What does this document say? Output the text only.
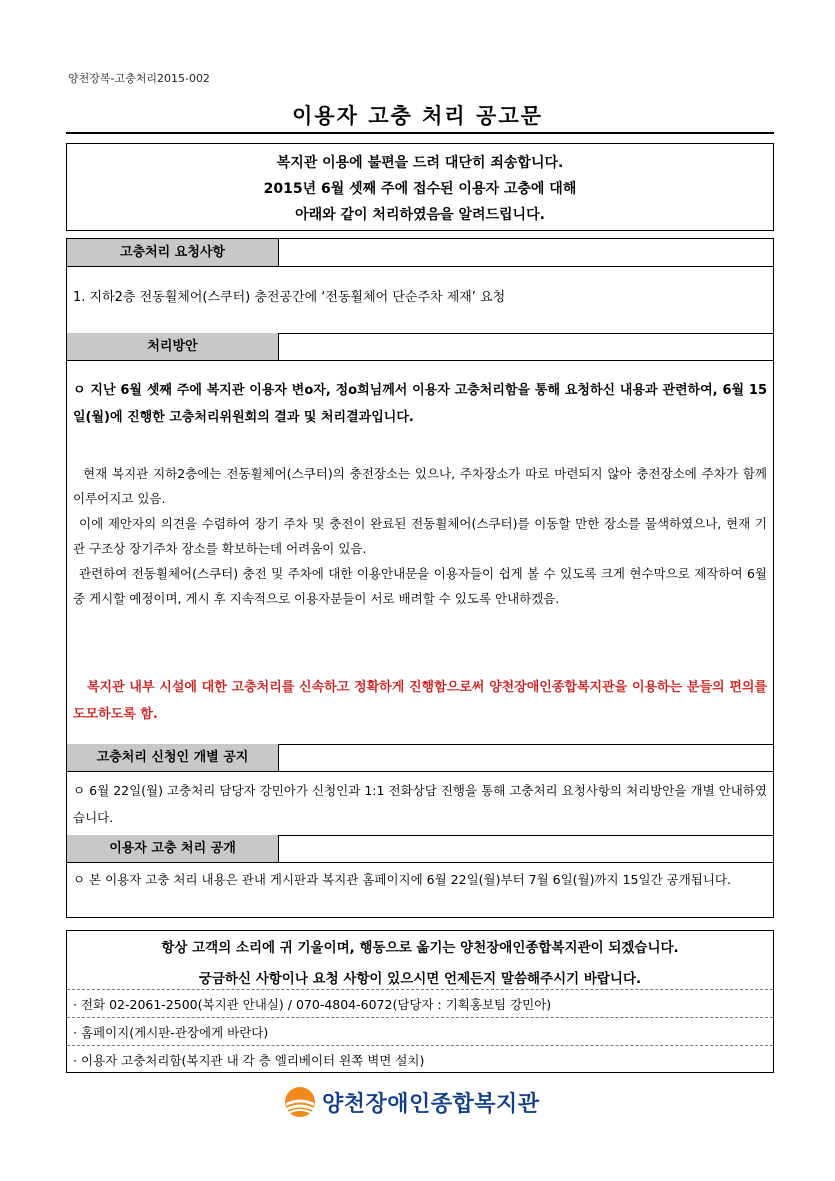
양천장복-고충처리2015-002
이용자 고충 처리 공고문
복지관 이용에 불편을 드려 대단히 죄송합니다.
2015년 6월 셋째 주에 접수된 이용자 고충에 대해
아래와 같이 처리하였음을 알려드립니다.
고충처리 요청사항
1. 지하2층 전동휠체어(스쿠터) 충전공간에 ‘전동휠체어 단순주차 제재’ 요청
처리방안
ㅇ 지난 6월 셋째 주에 복지관 이용자 변o자, 정o희님께서 이용자 고충처리함을 통해 요청하신 내용과 관련하여, 6월 15일(월)에 진행한 고충처리위원회의 결과 및 처리결과입니다.
현재 복지관 지하2층에는 전동휠체어(스쿠터)의 충전장소는 있으나, 주차장소가 따로 마련되지 않아 충전장소에 주차가 함께 이루어지고 있음.
이에 제안자의 의견을 수렴하여 장기 주차 및 충전이 완료된 전동휠체어(스쿠터)를 이동할 만한 장소를 물색하였으나, 현재 기관 구조상 장기주차 장소를 확보하는데 어려움이 있음.
관련하여 전동휠체어(스쿠터) 충전 및 주차에 대한 이용안내문을 이용자들이 쉽게 볼 수 있도록 크게 현수막으로 제작하여 6월 중 게시할 예정이며, 게시 후 지속적으로 이용자분들이 서로 배려할 수 있도록 안내하겠음.
복지관 내부 시설에 대한 고충처리를 신속하고 정확하게 진행함으로써 양천장애인종합복지관을 이용하는 분들의 편의를 도모하도록 함.
고충처리 신청인 개별 공지
ㅇ 6월 22일(월) 고충처리 담당자 강민아가 신청인과 1:1 전화상담 진행을 통해 고충처리 요청사항의 처리방안을 개별 안내하였습니다.
이용자 고충 처리 공개
ㅇ 본 이용자 고충 처리 내용은 관내 게시판과 복지관 홈페이지에 6월 22일(월)부터 7월 6일(월)까지 15일간 공개됩니다.
항상 고객의 소리에 귀 기울이며, 행동으로 옮기는 양천장애인종합복지관이 되겠습니다.
궁금하신 사항이나 요청 사항이 있으시면 언제든지 말씀해주시기 바랍니다.
· 전화 02-2061-2500(복지관 안내실) / 070-4804-6072(담당자 : 기획홍보팀 강민아)
· 홈페이지(게시판-관장에게 바란다)
· 이용자 고충처리함(복지관 내 각 층 엘리베이터 왼쪽 벽면 설치)
양천장애인종합복지관
